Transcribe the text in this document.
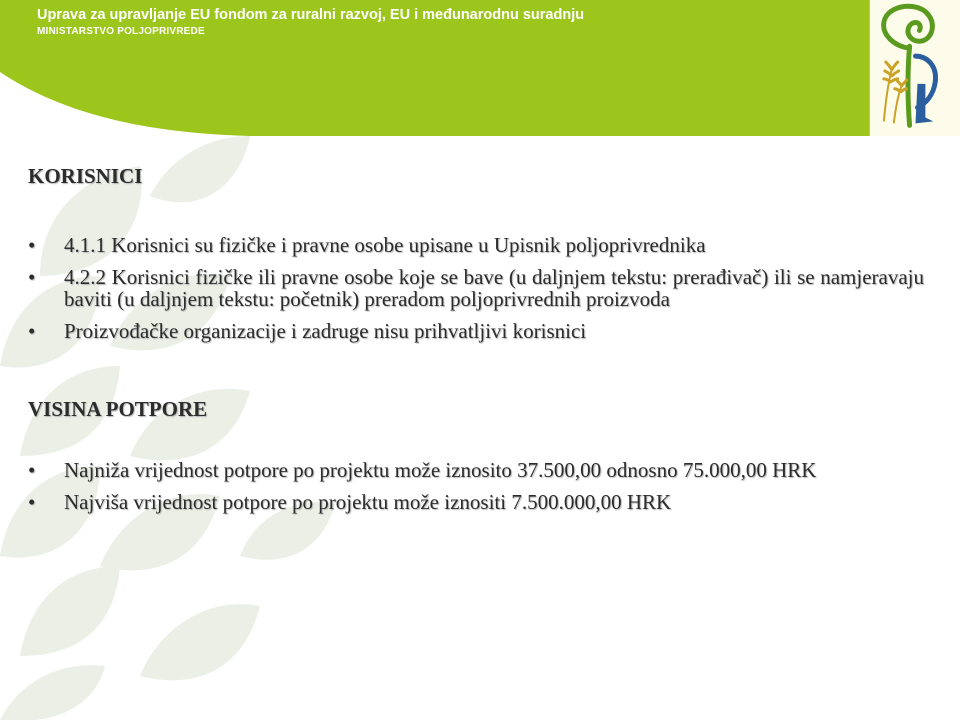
Uprava za upravljanje EU fondom za ruralni razvoj, EU i međunarodnu suradnju
MINISTARSTVO POLJOPRIVREDE
KORISNICI
•	4.1.1 Korisnici su fizičke i pravne osobe upisane u Upisnik poljoprivrednika
•	4.2.2 Korisnici fizičke ili pravne osobe koje se bave (u daljnjem tekstu: prerađivač) ili se namjeravaju baviti (u daljnjem tekstu: početnik) preradom poljoprivrednih proizvoda
•	Proizvođačke organizacije i zadruge nisu prihvatljivi korisnici
VISINA POTPORE
•	Najniža vrijednost potpore po projektu može iznosito 37.500,00 odnosno 75.000,00 HRK
•	Najviša vrijednost potpore po projektu može iznositi 7.500.000,00 HRK
